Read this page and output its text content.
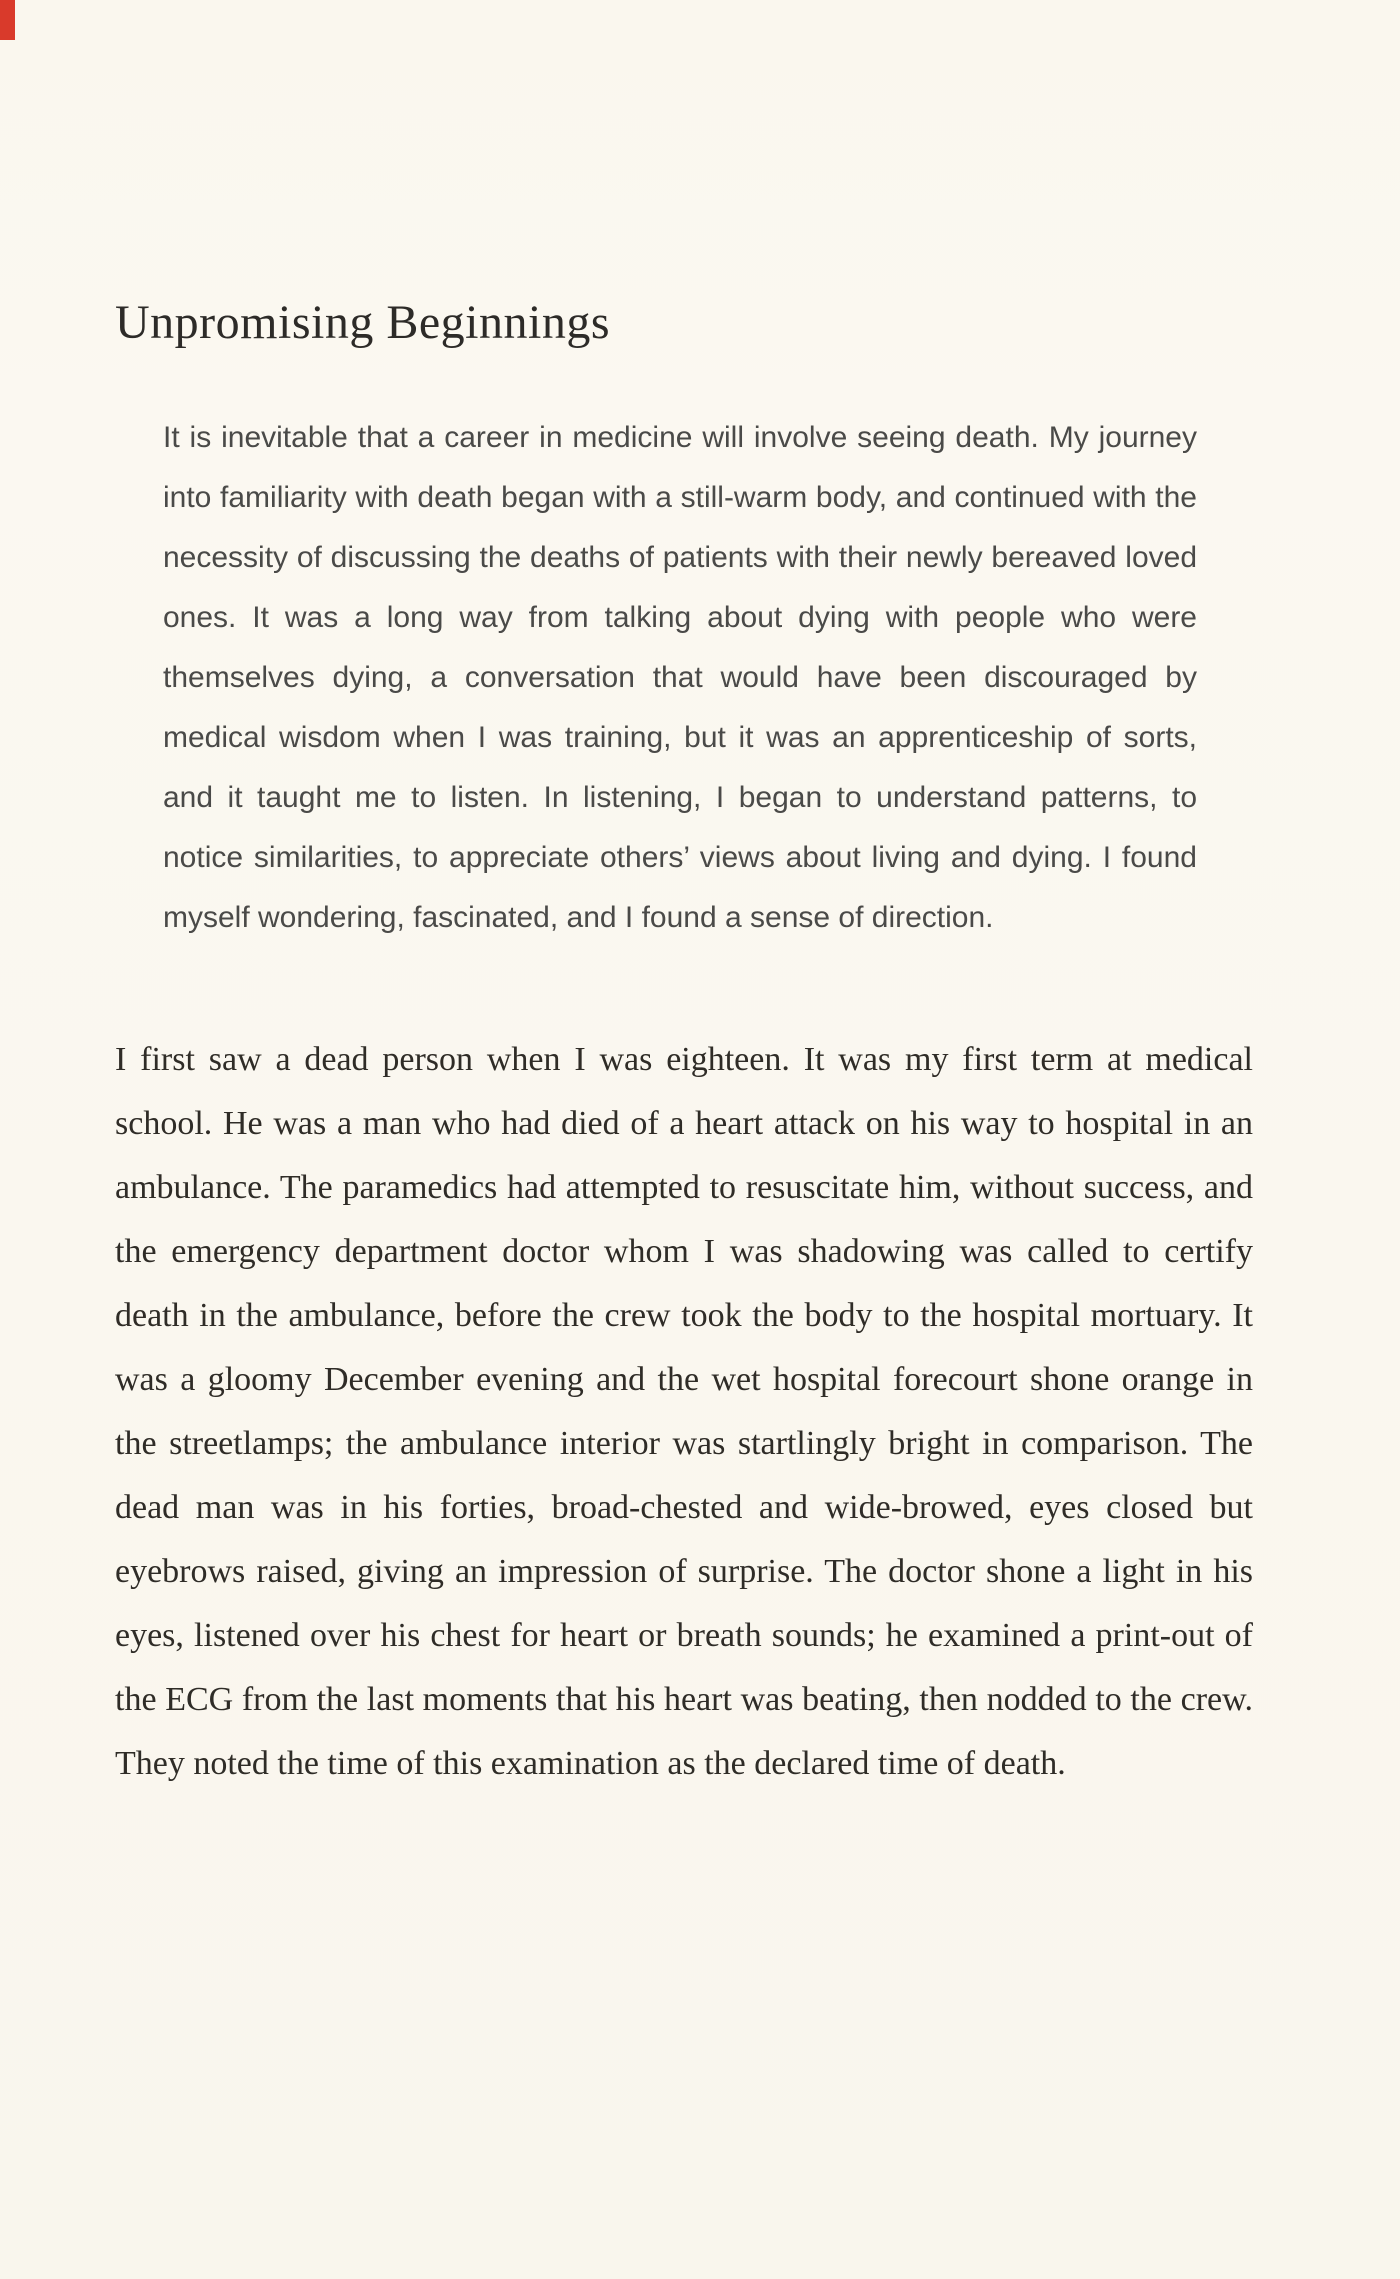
Unpromising Beginnings

It is inevitable that a career in medicine will involve seeing death. My journey into familiarity with death began with a still-warm body, and continued with the necessity of discussing the deaths of patients with their newly bereaved loved ones. It was a long way from talking about dying with people who were themselves dying, a conversation that would have been discouraged by medical wisdom when I was training, but it was an apprenticeship of sorts, and it taught me to listen. In listening, I began to understand patterns, to notice similarities, to appreciate others’ views about living and dying. I found myself wondering, fascinated, and I found a sense of direction.

I first saw a dead person when I was eighteen. It was my first term at medical school. He was a man who had died of a heart attack on his way to hospital in an ambulance. The paramedics had attempted to resuscitate him, without success, and the emergency department doctor whom I was shadowing was called to certify death in the ambulance, before the crew took the body to the hospital mortuary. It was a gloomy December evening and the wet hospital forecourt shone orange in the streetlamps; the ambulance interior was startlingly bright in comparison. The dead man was in his forties, broad-chested and wide-browed, eyes closed but eyebrows raised, giving an impression of surprise. The doctor shone a light in his eyes, listened over his chest for heart or breath sounds; he examined a print-out of the ECG from the last moments that his heart was beating, then nodded to the crew. They noted the time of this examination as the declared time of death.
